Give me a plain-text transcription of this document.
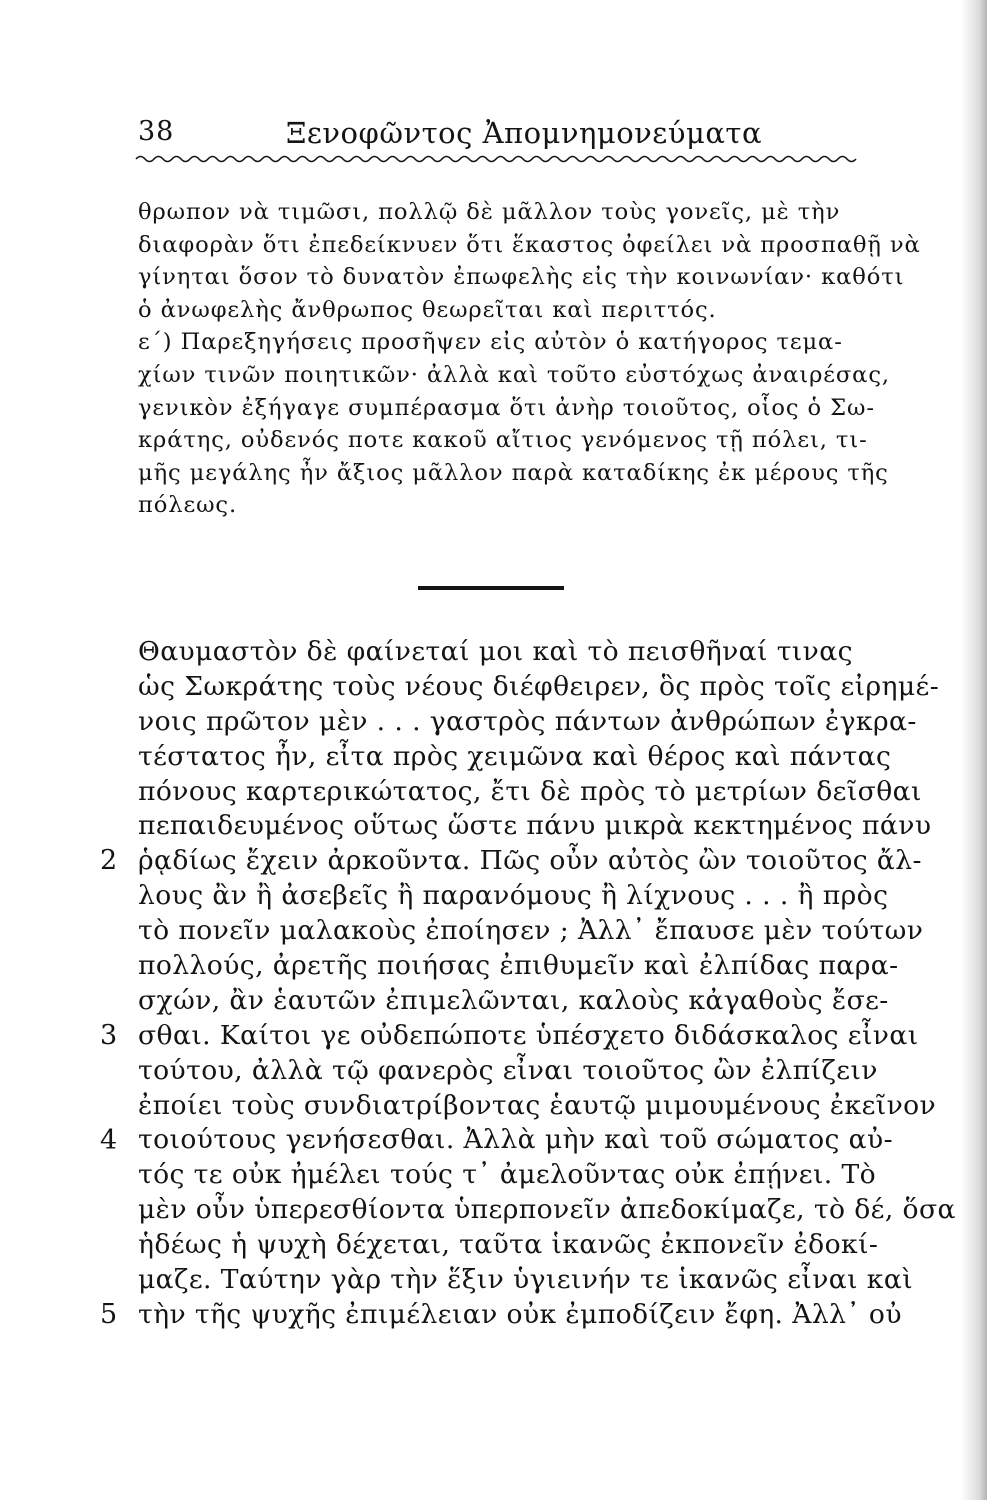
38	Ξενοφῶντος Ἀπομνημονεύματα
θρωπον νὰ τιμῶσι, πολλῷ δὲ μᾶλλον τοὺς γονεῖς, μὲ τὴν
διαφορὰν ὅτι ἐπεδείκνυεν ὅτι ἕκαστος ὀφείλει νὰ προσπαθῇ νὰ
γίνηται ὅσον τὸ δυνατὸν ἐπωφελὴς εἰς τὴν κοινωνίαν· καθότι
ὁ ἀνωφελὴς ἄνθρωπος θεωρεῖται καὶ περιττός.
ε΄) Παρεξηγήσεις προσῆψεν εἰς αὐτὸν ὁ κατήγορος τεμα-
χίων τινῶν ποιητικῶν· ἀλλὰ καὶ τοῦτο εὐστόχως ἀναιρέσας,
γενικὸν ἐξήγαγε συμπέρασμα ὅτι ἀνὴρ τοιοῦτος, οἷος ὁ Σω-
κράτης, οὐδενός ποτε κακοῦ αἴτιος γενόμενος τῇ πόλει, τι-
μῆς μεγάλης ἦν ἄξιος μᾶλλον παρὰ καταδίκης ἐκ μέρους τῆς
πόλεως.
Θαυμαστὸν δὲ φαίνεταί μοι καὶ τὸ πεισθῆναί τινας
ὡς Σωκράτης τοὺς νέους διέφθειρεν, ὃς πρὸς τοῖς εἰρημέ-
νοις πρῶτον μὲν . . . γαστρὸς πάντων ἀνθρώπων ἐγκρα-
τέστατος ἦν, εἶτα πρὸς χειμῶνα καὶ θέρος καὶ πάντας
πόνους καρτερικώτατος, ἔτι δὲ πρὸς τὸ μετρίων δεῖσθαι
πεπαιδευμένος οὕτως ὥστε πάνυ μικρὰ κεκτημένος πάνυ
ῥᾳδίως ἔχειν ἀρκοῦντα. Πῶς οὖν αὐτὸς ὢν τοιοῦτος ἄλ-
λους ἂν ἢ ἀσεβεῖς ἢ παρανόμους ἢ λίχνους . . . ἢ πρὸς
τὸ πονεῖν μαλακοὺς ἐποίησεν ; Ἀλλ᾽ ἔπαυσε μὲν τούτων
πολλούς, ἀρετῆς ποιήσας ἐπιθυμεῖν καὶ ἐλπίδας παρα-
σχών, ἂν ἑαυτῶν ἐπιμελῶνται, καλοὺς κἀγαθοὺς ἔσε-
σθαι. Καίτοι γε οὐδεπώποτε ὑπέσχετο διδάσκαλος εἶναι
τούτου, ἀλλὰ τῷ φανερὸς εἶναι τοιοῦτος ὢν ἐλπίζειν
ἐποίει τοὺς συνδιατρίβοντας ἑαυτῷ μιμουμένους ἐκεῖνον
τοιούτους γενήσεσθαι. Ἀλλὰ μὴν καὶ τοῦ σώματος αὐ-
τός τε οὐκ ἠμέλει τούς τ᾽ ἀμελοῦντας οὐκ ἐπῄνει. Τὸ
μὲν οὖν ὑπερεσθίοντα ὑπερπονεῖν ἀπεδοκίμαζε, τὸ δέ, ὅσα
ἡδέως ἡ ψυχὴ δέχεται, ταῦτα ἱκανῶς ἐκπονεῖν ἐδοκί-
μαζε. Ταύτην γὰρ τὴν ἕξιν ὑγιεινήν τε ἱκανῶς εἶναι καὶ
τὴν τῆς ψυχῆς ἐπιμέλειαν οὐκ ἐμποδίζειν ἔφη. Ἀλλ᾽ οὐ
2
3
4
5
